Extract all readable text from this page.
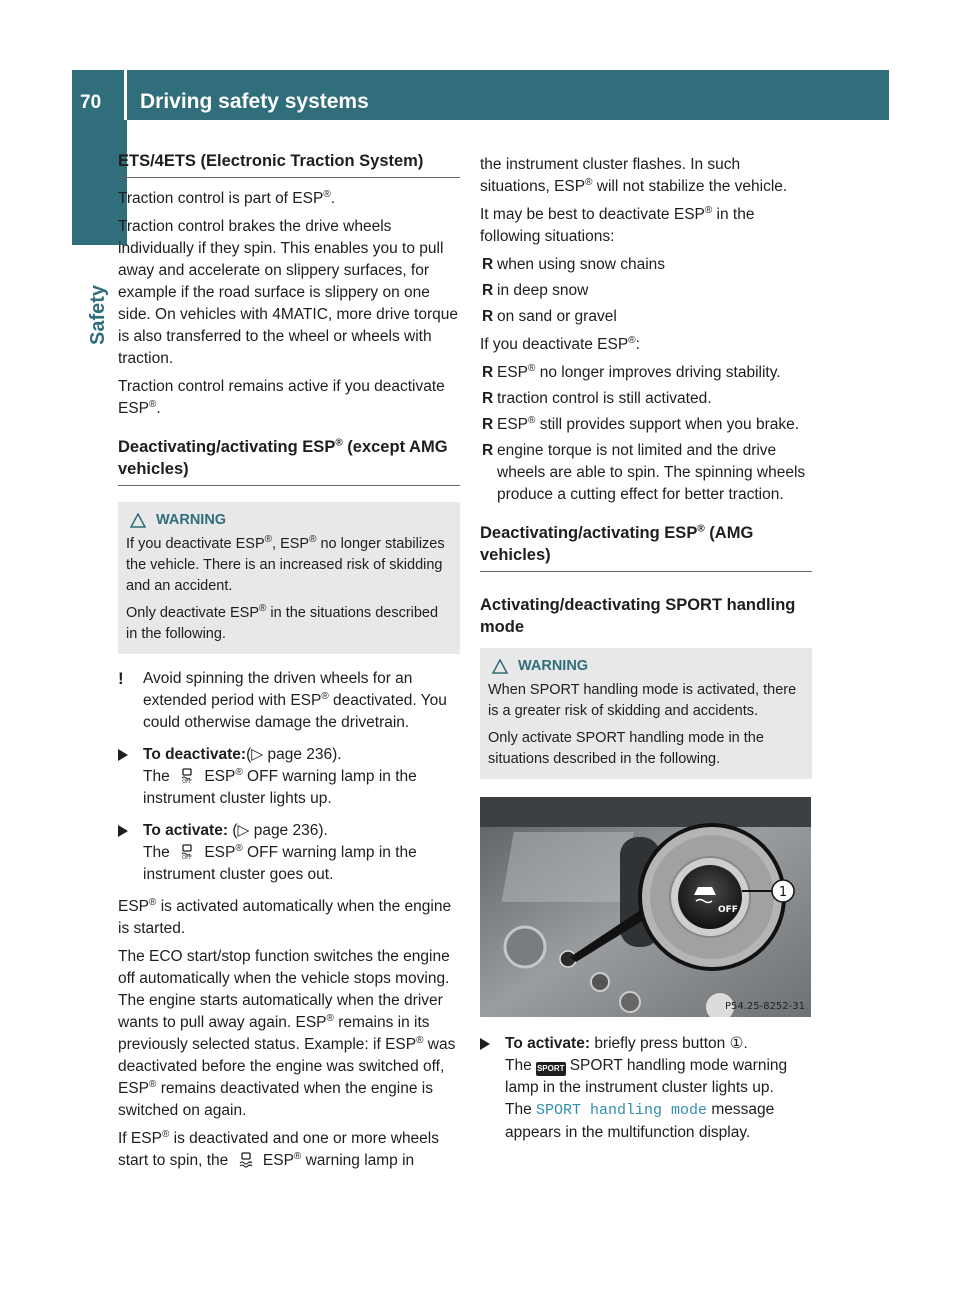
70 Driving safety systems
Safety
ETS/4ETS (Electronic Traction System)

Traction control is part of ESP®.

Traction control brakes the drive wheels individually if they spin. This enables you to pull away and accelerate on slippery surfaces, for example if the road surface is slippery on one side. On vehicles with 4MATIC, more drive torque is also transferred to the wheel or wheels with traction.

Traction control remains active if you deactivate ESP®.

Deactivating/activating ESP® (except AMG vehicles)
WARNING

If you deactivate ESP®, ESP® no longer stabilizes the vehicle. There is an increased risk of skidding and an accident.

Only deactivate ESP® in the situations described in the following.

! Avoid spinning the driven wheels for an extended period with ESP® deactivated. You could otherwise damage the drivetrain.
To deactivate:(▷ page 236).
The OFF ESP® OFF warning lamp in the instrument cluster lights up.
To activate: (▷ page 236).
The OFF ESP® OFF warning lamp in the instrument cluster goes out.

ESP® is activated automatically when the engine is started.

The ECO start/stop function switches the engine off automatically when the vehicle stops moving. The engine starts automatically when the driver wants to pull away again. ESP® remains in its previously selected status. Example: if ESP® was deactivated before the engine was switched off, ESP® remains deactivated when the engine is switched on again.

If ESP® is deactivated and one or more wheels start to spin, the ESP® warning lamp in

the instrument cluster flashes. In such situations, ESP® will not stabilize the vehicle.

It may be best to deactivate ESP® in the following situations:

R when using snow chains
R in deep snow
R on sand or gravel

If you deactivate ESP®:

R ESP® no longer improves driving stability.
R traction control is still activated.
R ESP® still provides support when you brake.
R engine torque is not limited and the drive wheels are able to spin. The spinning wheels produce a cutting effect for better traction.
Deactivating/activating ESP® (AMG vehicles)
Activating/deactivating SPORT handling mode
WARNING

When SPORT handling mode is activated, there is a greater risk of skidding and accidents.

Only activate SPORT handling mode in the situations described in the following.

OFF
1
P54.25-8252-31
To activate: briefly press button ①.
The SPORT SPORT handling mode warning lamp in the instrument cluster lights up.
The SPORT handling mode message appears in the multifunction display.
